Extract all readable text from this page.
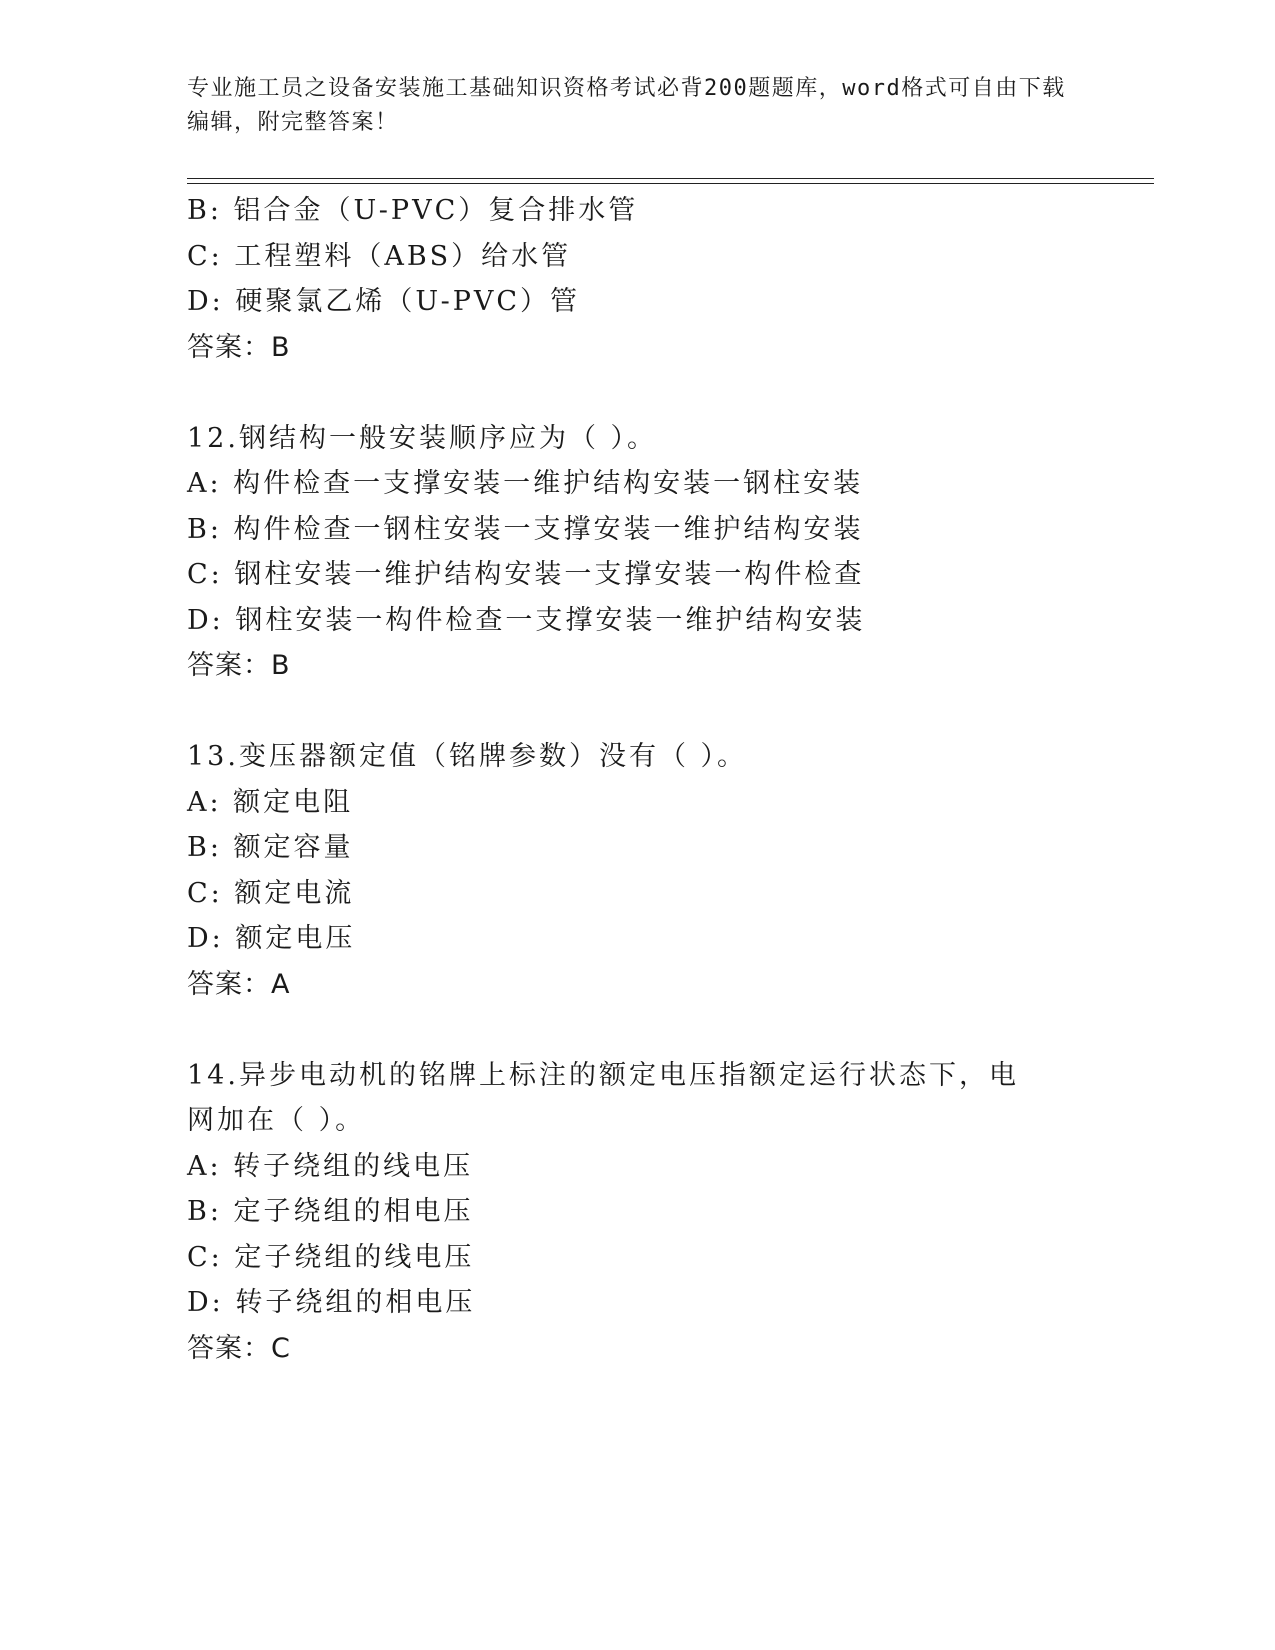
专业施工员之设备安装施工基础知识资格考试必背200题题库，word格式可自由下载编辑，附完整答案！
B: 铝合金（U-PVC）复合排水管
C: 工程塑料（ABS）给水管
D: 硬聚氯乙烯（U-PVC）管
答案：B
12.钢结构一般安装顺序应为（ ）。
A: 构件检查一支撑安装一维护结构安装一钢柱安装
B: 构件检查一钢柱安装一支撑安装一维护结构安装
C: 钢柱安装一维护结构安装一支撑安装一构件检查
D: 钢柱安装一构件检查一支撑安装一维护结构安装
答案：B
13.变压器额定值（铭牌参数）没有（ ）。
A: 额定电阻
B: 额定容量
C: 额定电流
D: 额定电压
答案：A
14.异步电动机的铭牌上标注的额定电压指额定运行状态下，电网加在（ ）。
A: 转子绕组的线电压
B: 定子绕组的相电压
C: 定子绕组的线电压
D: 转子绕组的相电压
答案：C
